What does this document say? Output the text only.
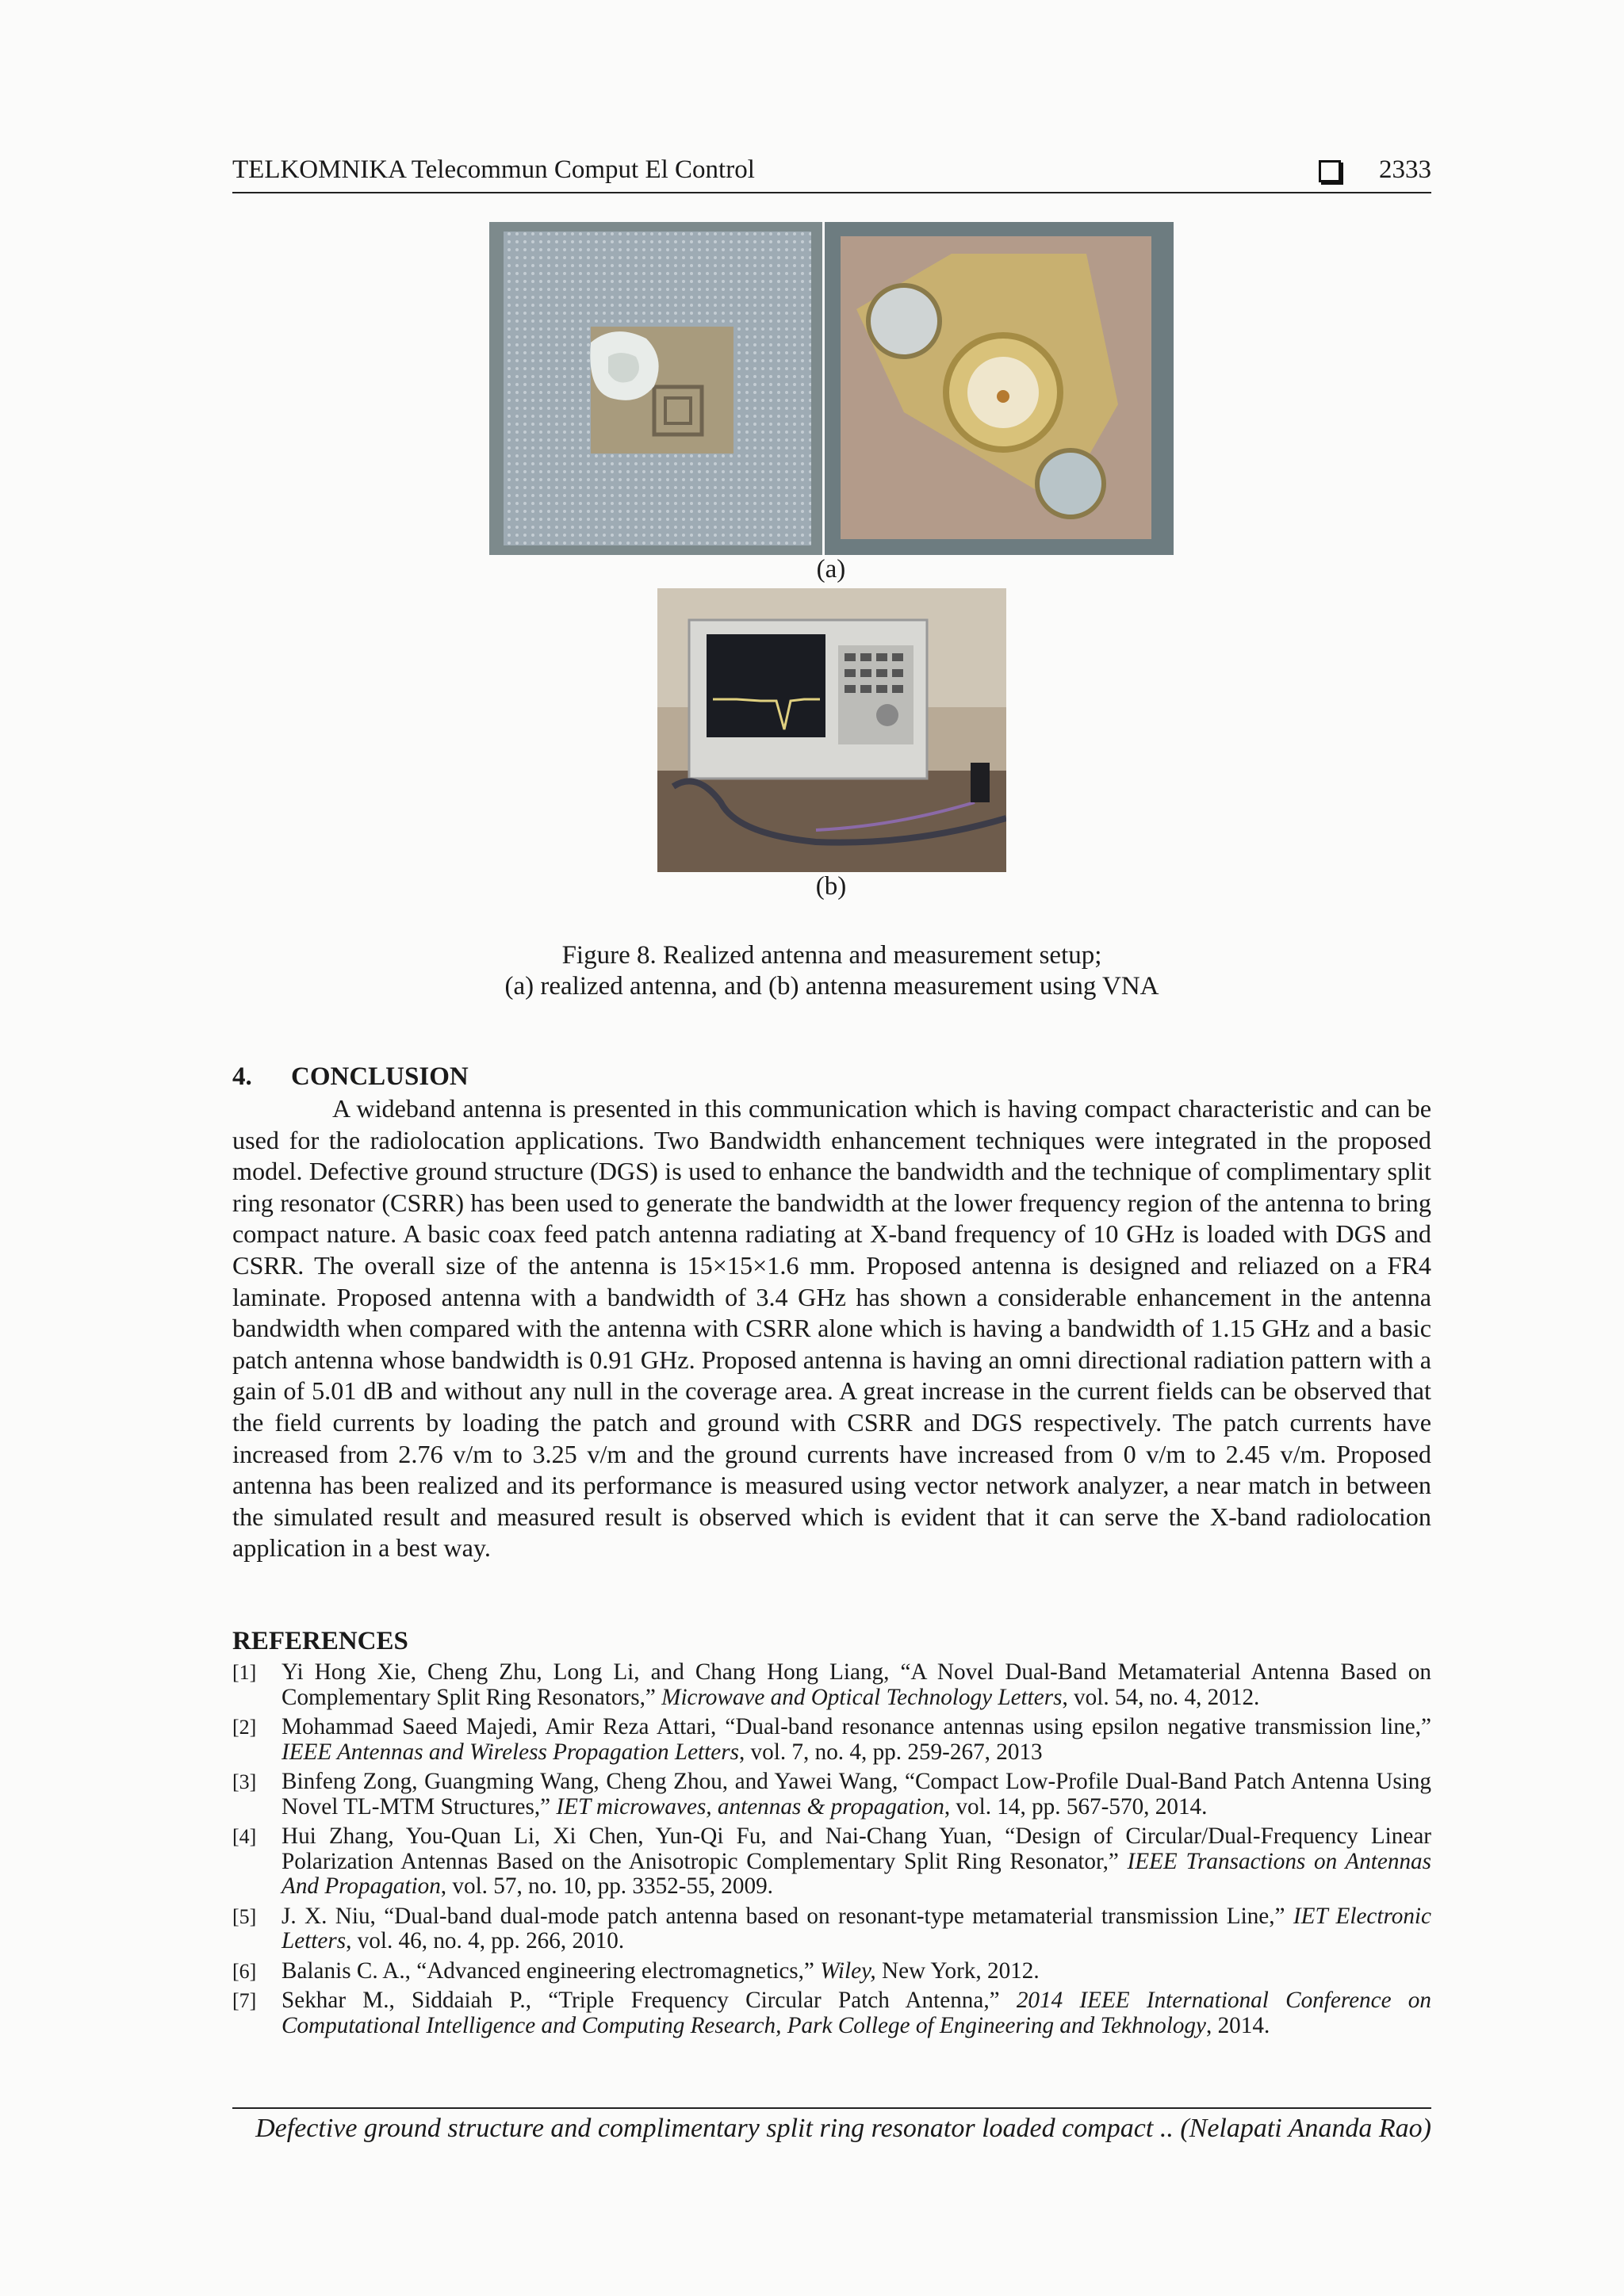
TELKOMNIKA Telecommun Comput El Control	2333
(a)
(b)
Figure 8. Realized antenna and measurement setup;
(a) realized antenna, and (b) antenna measurement using VNA
4. CONCLUSION

A wideband antenna is presented in this communication which is having compact characteristic and can be used for the radiolocation applications. Two Bandwidth enhancement techniques were integrated in the proposed model. Defective ground structure (DGS) is used to enhance the bandwidth and the technique of complimentary split ring resonator (CSRR) has been used to generate the bandwidth at the lower frequency region of the antenna to bring compact nature. A basic coax feed patch antenna radiating at X-band frequency of 10 GHz is loaded with DGS and CSRR. The overall size of the antenna is 15×15×1.6 mm. Proposed antenna is designed and reliazed on a FR4 laminate. Proposed antenna with a bandwidth of 3.4 GHz has shown a considerable enhancement in the antenna bandwidth when compared with the antenna with CSRR alone which is having a bandwidth of 1.15 GHz and a basic patch antenna whose bandwidth is 0.91 GHz. Proposed antenna is having an omni directional radiation pattern with a gain of 5.01 dB and without any null in the coverage area. A great increase in the current fields can be observed that the field currents by loading the patch and ground with CSRR and DGS respectively. The patch currents have increased from 2.76 v/m to 3.25 v/m and the ground currents have increased from 0 v/m to 2.45 v/m. Proposed antenna has been realized and its performance is measured using vector network analyzer, a near match in between the simulated result and measured result is observed which is evident that it can serve the X-band radiolocation application in a best way.

REFERENCES
[1] Yi Hong Xie, Cheng Zhu, Long Li, and Chang Hong Liang, “A Novel Dual-Band Metamaterial Antenna Based on Complementary Split Ring Resonators,” Microwave and Optical Technology Letters, vol. 54, no. 4, 2012.
[2] Mohammad Saeed Majedi, Amir Reza Attari, “Dual-band resonance antennas using epsilon negative transmission line,” IEEE Antennas and Wireless Propagation Letters, vol. 7, no. 4, pp. 259-267, 2013
[3] Binfeng Zong, Guangming Wang, Cheng Zhou, and Yawei Wang, “Compact Low-Profile Dual-Band Patch Antenna Using Novel TL-MTM Structures,” IET microwaves, antennas & propagation, vol. 14, pp. 567-570, 2014.
[4] Hui Zhang, You-Quan Li, Xi Chen, Yun-Qi Fu, and Nai-Chang Yuan, “Design of Circular/Dual-Frequency Linear Polarization Antennas Based on the Anisotropic Complementary Split Ring Resonator,” IEEE Transactions on Antennas And Propagation, vol. 57, no. 10, pp. 3352-55, 2009.
[5] J. X. Niu, “Dual-band dual-mode patch antenna based on resonant-type metamaterial transmission Line,” IET Electronic Letters, vol. 46, no. 4, pp. 266, 2010.
[6] Balanis C. A., “Advanced engineering electromagnetics,” Wiley, New York, 2012.
[7] Sekhar M., Siddaiah P., “Triple Frequency Circular Patch Antenna,” 2014 IEEE International Conference on Computational Intelligence and Computing Research, Park College of Engineering and Tekhnology, 2014.
Defective ground structure and complimentary split ring resonator loaded compact .. (Nelapati Ananda Rao)
